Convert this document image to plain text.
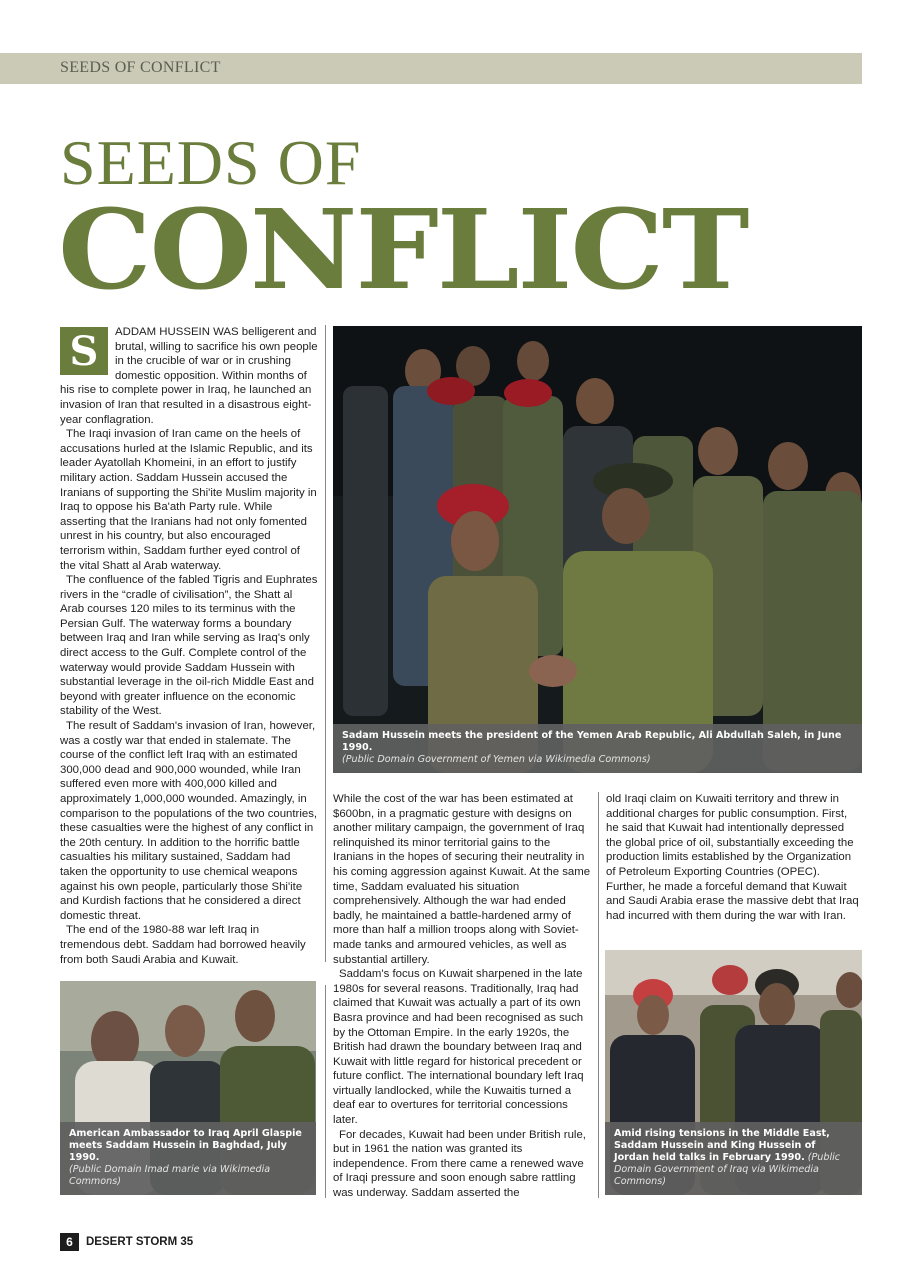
SEEDS OF CONFLICT
SEEDS OF
CONFLICT

S	ADDAM HUSSEIN WAS belligerent and brutal, willing to sacrifice his own people in the crucible of war or in crushing domestic opposition. Within months of his rise to complete power in Iraq, he launched an invasion of Iran that resulted in a disastrous eight-year conflagration.

The Iraqi invasion of Iran came on the heels of accusations hurled at the Islamic Republic, and its leader Ayatollah Khomeini, in an effort to justify military action. Saddam Hussein accused the Iranians of supporting the Shi'ite Muslim majority in Iraq to oppose his Ba'ath Party rule. While asserting that the Iranians had not only fomented unrest in his country, but also encouraged terrorism within, Saddam further eyed control of the vital Shatt al Arab waterway.

The confluence of the fabled Tigris and Euphrates rivers in the “cradle of civilisation”, the Shatt al Arab courses 120 miles to its terminus with the Persian Gulf. The waterway forms a boundary between Iraq and Iran while serving as Iraq's only direct access to the Gulf. Complete control of the waterway would provide Saddam Hussein with substantial leverage in the oil-rich Middle East and beyond with greater influence on the economic stability of the West.

The result of Saddam's invasion of Iran, however, was a costly war that ended in stalemate. The course of the conflict left Iraq with an estimated 300,000 dead and 900,000 wounded, while Iran suffered even more with 400,000 killed and approximately 1,000,000 wounded. Amazingly, in comparison to the populations of the two countries, these casualties were the highest of any conflict in the 20th century. In addition to the horrific battle casualties his military sustained, Saddam had taken the opportunity to use chemical weapons against his own people, particularly those Shi'ite and Kurdish factions that he considered a direct domestic threat.

The end of the 1980-88 war left Iraq in tremendous debt. Saddam had borrowed heavily from both Saudi Arabia and Kuwait.

Sadam Hussein meets the president of the Yemen Arab Republic, Ali Abdullah Saleh, in June 1990.
(Public Domain Government of Yemen via Wikimedia Commons)

While the cost of the war has been estimated at $600bn, in a pragmatic gesture with designs on another military campaign, the government of Iraq relinquished its minor territorial gains to the Iranians in the hopes of securing their neutrality in his coming aggression against Kuwait. At the same time, Saddam evaluated his situation comprehensively. Although the war had ended badly, he maintained a battle-hardened army of more than half a million troops along with Soviet-made tanks and armoured vehicles, as well as substantial artillery.

Saddam's focus on Kuwait sharpened in the late 1980s for several reasons. Traditionally, Iraq had claimed that Kuwait was actually a part of its own Basra province and had been recognised as such by the Ottoman Empire. In the early 1920s, the British had drawn the boundary between Iraq and Kuwait with little regard for historical precedent or future conflict. The international boundary left Iraq virtually landlocked, while the Kuwaitis turned a deaf ear to overtures for territorial concessions later.

For decades, Kuwait had been under British rule, but in 1961 the nation was granted its independence. From there came a renewed wave of Iraqi pressure and soon enough sabre rattling was underway. Saddam asserted the

old Iraqi claim on Kuwaiti territory and threw in additional charges for public consumption. First, he said that Kuwait had intentionally depressed the global price of oil, substantially exceeding the production limits established by the Organization of Petroleum Exporting Countries (OPEC). Further, he made a forceful demand that Kuwait and Saudi Arabia erase the massive debt that Iraq had incurred with them during the war with Iran.

American Ambassador to Iraq April Glaspie meets Saddam Hussein in Baghdad, July 1990.
(Public Domain Imad marie via Wikimedia Commons)
Amid rising tensions in the Middle East, Saddam Hussein and King Hussein of Jordan held talks in February 1990. (Public Domain Government of Iraq via Wikimedia Commons)
6 DESERT STORM 35
